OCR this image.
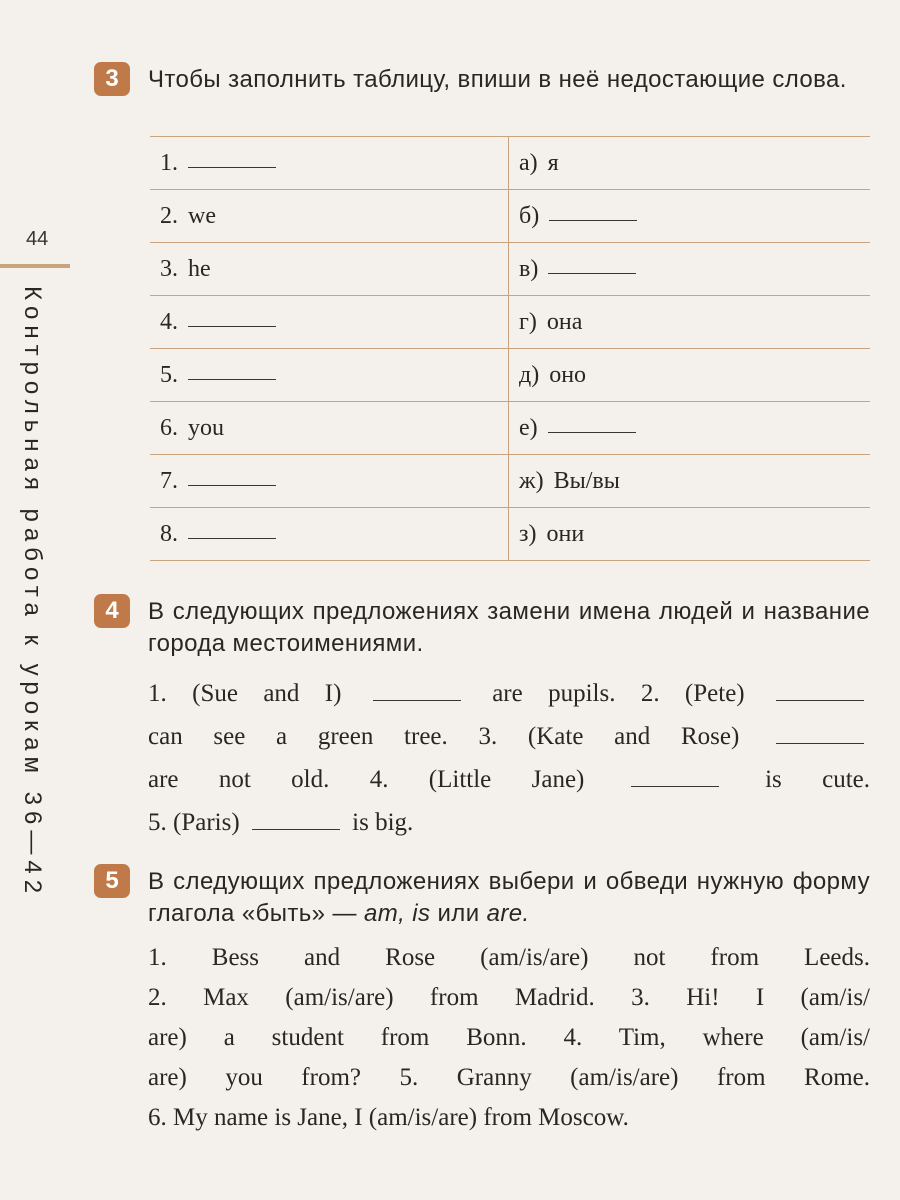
44
Контрольная работа к урокам 36—42
3	Чтобы заполнить таблицу, впиши в неё недостающие слова.
1.	а) я
2. we	б)
3. he	в)
4.	г) она
5.	д) оно
6. you	е)
7.	ж) Вы/вы
8.	з) они
4	В следующих предложениях замени имена людей и название города местоимениями.
1. (Sue and I)	are pupils. 2. (Pete)
can see a green tree. 3. (Kate and Rose)
are not old. 4. (Little Jane)	is cute.
5. (Paris)	is big.
5	В следующих предложениях выбери и обведи нужную форму глагола «быть» — am, is или are.
1. Bess and Rose (am/is/are) not from Leeds.
2. Max (am/is/are) from Madrid. 3. Hi! I (am/is/
are) a student from Bonn. 4. Tim, where (am/is/
are) you from? 5. Granny (am/is/are) from Rome.
6. My name is Jane, I (am/is/are) from Moscow.
